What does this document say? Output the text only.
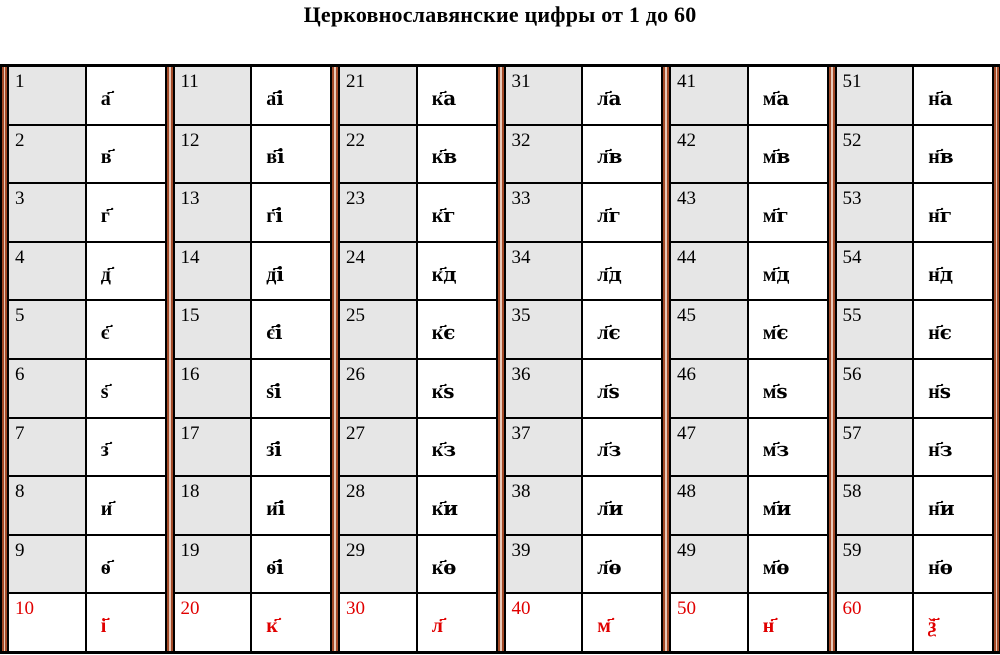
Церковнославянские цифры от 1 до 60
1
а҃
2
в҃
3
г҃
4
д҃
5
є҃
6
ѕ҃
7
з҃
8
и҃
9
ѳ҃
10
і҃
11
а҃і
12
в҃і
13
г҃і
14
д҃і
15
є҃і
16
ѕ҃і
17
з҃і
18
и҃і
19
ѳ҃і
20
к҃
21
к҃а
22
к҃в
23
к҃г
24
к҃д
25
к҃є
26
к҃ѕ
27
к҃з
28
к҃и
29
к҃ѳ
30
л҃
31
л҃а
32
л҃в
33
л҃г
34
л҃д
35
л҃є
36
л҃ѕ
37
л҃з
38
л҃и
39
л҃ѳ
40
м҃
41
м҃а
42
м҃в
43
м҃г
44
м҃д
45
м҃є
46
м҃ѕ
47
м҃з
48
м҃и
49
м҃ѳ
50
н҃
51
н҃а
52
н҃в
53
н҃г
54
н҃д
55
н҃є
56
н҃ѕ
57
н҃з
58
н҃и
59
н҃ѳ
60
ѯ҃
